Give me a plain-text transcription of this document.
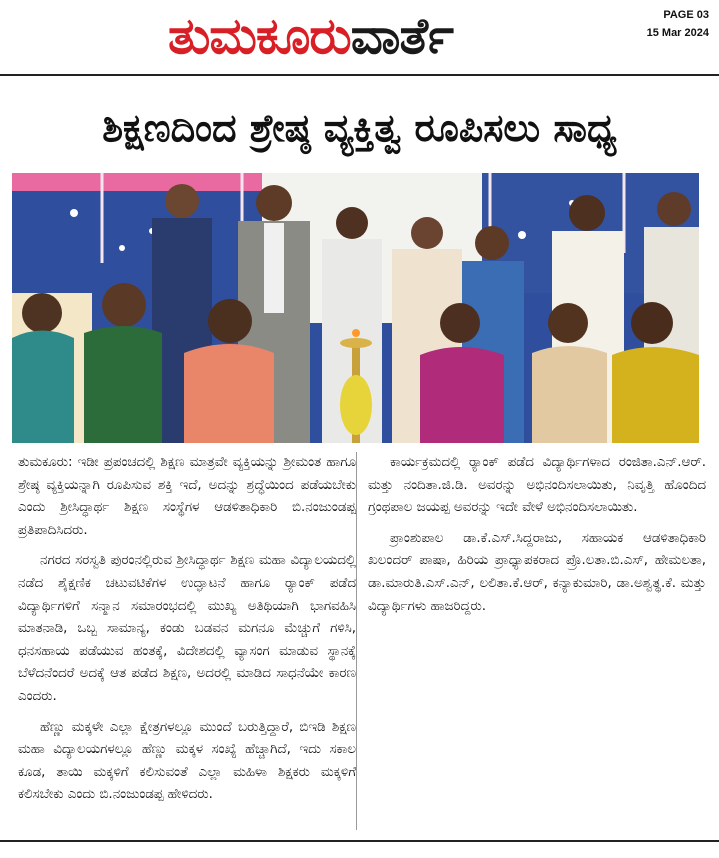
ತುಮಕೂರುವಾರ್ತೆ	PAGE 03
15 Mar 2024
ಶಿಕ್ಷಣದಿಂದ ಶ್ರೇಷ್ಠ ವ್ಯಕ್ತಿತ್ವ ರೂಪಿಸಲು ಸಾಧ್ಯ

ತುಮಕೂರು: ಇಡೀ ಪ್ರಪಂಚದಲ್ಲಿ ಶಿಕ್ಷಣ ಮಾತ್ರವೇ ವ್ಯಕ್ತಿಯನ್ನು ಶ್ರೀಮಂತ ಹಾಗೂ ಶ್ರೇಷ್ಠ ವ್ಯಕ್ತಿಯನ್ನಾಗಿ ರೂಪಿಸುವ ಶಕ್ತಿ ಇದೆ, ಅದನ್ನು ಶ್ರದ್ಧೆಯಿಂದ ಪಡೆಯಬೇಕು ಎಂದು ಶ್ರೀಸಿದ್ಧಾರ್ಥ ಶಿಕ್ಷಣ ಸಂಸ್ಥೆಗಳ ಆಡಳಿತಾಧಿಕಾರಿ ಬಿ.ನಂಜುಂಡಪ್ಪ ಪ್ರತಿಪಾದಿಸಿದರು.

ನಗರದ ಸರಸ್ವತಿ ಪುರಂನಲ್ಲಿರುವ ಶ್ರೀಸಿದ್ಧಾರ್ಥ ಶಿಕ್ಷಣ ಮಹಾ ವಿದ್ಯಾಲಯದಲ್ಲಿ ನಡೆದ ಶೈಕ್ಷಣಿಕ ಚಟುವಟಿಕೆಗಳ ಉದ್ಘಾಟನೆ ಹಾಗೂ ರ್‍ಯಾಂಕ್ ಪಡೆದ ವಿದ್ಯಾರ್ಥಿಗಳಿಗೆ ಸನ್ಮಾನ ಸಮಾರಂಭದಲ್ಲಿ ಮುಖ್ಯ ಅತಿಥಿಯಾಗಿ ಭಾಗವಹಿಸಿ ಮಾತನಾಡಿ, ಒಬ್ಬ ಸಾಮಾನ್ಯ, ಕಂಡು ಬಡವನ ಮಗನೂ ಮೆಚ್ಚುಗೆ ಗಳಿಸಿ, ಧನಸಹಾಯ ಪಡೆಯುವ ಹಂತಕ್ಕೆ, ವಿದೇಶದಲ್ಲಿ ವ್ಯಾಸಂಗ ಮಾಡುವ ಸ್ಥಾನಕ್ಕೆ ಬೆಳೆದನೆಂದರೆ ಅದಕ್ಕೆ ಆತ ಪಡೆದ ಶಿಕ್ಷಣ, ಅದರಲ್ಲಿ ಮಾಡಿದ ಸಾಧನೆಯೇ ಕಾರಣ ಎಂದರು.

ಹೆಣ್ಣು ಮಕ್ಕಳೇ ಎಲ್ಲಾ ಕ್ಷೇತ್ರಗಳಲ್ಲೂ ಮುಂದೆ ಬರುತ್ತಿದ್ದಾರೆ, ಬಿಇಡಿ ಶಿಕ್ಷಣ ಮಹಾ ವಿದ್ಯಾಲಯಗಳಲ್ಲೂ ಹೆಣ್ಣು ಮಕ್ಕಳ ಸಂಖ್ಯೆ ಹೆಚ್ಚಾಗಿದೆ, ಇದು ಸಕಾಲ ಕೂಡ, ತಾಯಿ ಮಕ್ಕಳಿಗೆ ಕಲಿಸುವಂತೆ ಎಲ್ಲಾ ಮಹಿಳಾ ಶಿಕ್ಷಕರು ಮಕ್ಕಳಿಗೆ ಕಲಿಸಬೇಕು ಎಂದು ಬಿ.ನಂಜುಂಡಪ್ಪ ಹೇಳಿದರು.

ಕಾರ್ಯಕ್ರಮದಲ್ಲಿ ರ್‍ಯಾಂಕ್ ಪಡೆದ ವಿದ್ಯಾರ್ಥಿಗಳಾದ ರಂಜಿತಾ.ಎನ್.ಆರ್. ಮತ್ತು ನಂದಿತಾ.ಜಿ.ಡಿ. ಅವರನ್ನು ಅಭಿನಂದಿಸಲಾಯಿತು, ನಿವೃತ್ತಿ ಹೊಂದಿದ ಗ್ರಂಥಪಾಲ ಜಯಪ್ಪ ಅವರನ್ನು ಇದೇ ವೇಳೆ ಅಭಿನಂದಿಸಲಾಯಿತು.

ಪ್ರಾಂಶುಪಾಲ ಡಾ.ಕೆ.ಎಸ್.ಸಿದ್ದರಾಜು, ಸಹಾಯಕ ಆಡಳಿತಾಧಿಕಾರಿ ಖಲಂದರ್ ಪಾಷಾ, ಹಿರಿಯ ಪ್ರಾಧ್ಯಾಪಕರಾದ ಪ್ರೊ.ಲತಾ.ಬಿ.ಎಸ್, ಹೇಮಲತಾ, ಡಾ.ಮಾರುತಿ.ಎಸ್.ಎನ್, ಲಲಿತಾ.ಕೆ.ಆರ್, ಕನ್ಯಾಕುಮಾರಿ, ಡಾ.ಅಶ್ವತ್ಥ.ಕೆ. ಮತ್ತು ವಿದ್ಯಾರ್ಥಿಗಳು ಹಾಜರಿದ್ದರು.
